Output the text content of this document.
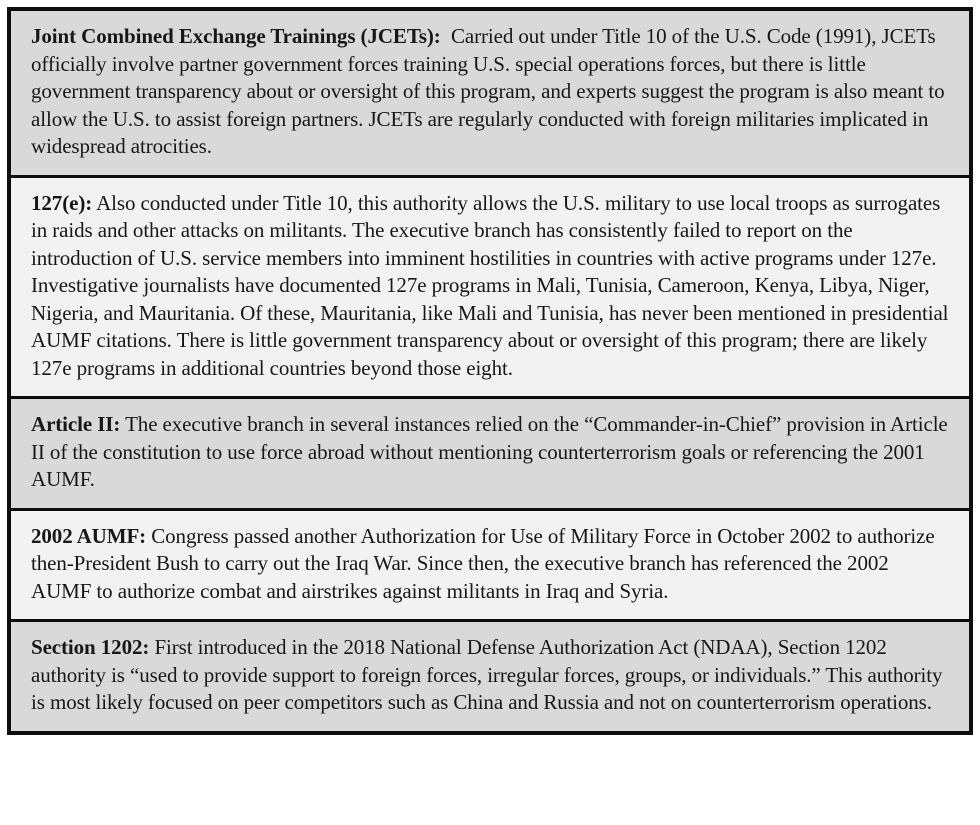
Joint Combined Exchange Trainings (JCETs): Carried out under Title 10 of the U.S. Code (1991), JCETs officially involve partner government forces training U.S. special operations forces, but there is little government transparency about or oversight of this program, and experts suggest the program is also meant to allow the U.S. to assist foreign partners. JCETs are regularly conducted with foreign militaries implicated in widespread atrocities.

127(e): Also conducted under Title 10, this authority allows the U.S. military to use local troops as surrogates in raids and other attacks on militants. The executive branch has consistently failed to report on the introduction of U.S. service members into imminent hostilities in countries with active programs under 127e. Investigative journalists have documented 127e programs in Mali, Tunisia, Cameroon, Kenya, Libya, Niger, Nigeria, and Mauritania. Of these, Mauritania, like Mali and Tunisia, has never been mentioned in presidential AUMF citations. There is little government transparency about or oversight of this program; there are likely 127e programs in additional countries beyond those eight.

Article II: The executive branch in several instances relied on the “Commander-in-Chief” provision in Article II of the constitution to use force abroad without mentioning counterterrorism goals or referencing the 2001 AUMF.

2002 AUMF: Congress passed another Authorization for Use of Military Force in October 2002 to authorize then-President Bush to carry out the Iraq War. Since then, the executive branch has referenced the 2002 AUMF to authorize combat and airstrikes against militants in Iraq and Syria.

Section 1202: First introduced in the 2018 National Defense Authorization Act (NDAA), Section 1202 authority is “used to provide support to foreign forces, irregular forces, groups, or individuals.” This authority is most likely focused on peer competitors such as China and Russia and not on counterterrorism operations.
